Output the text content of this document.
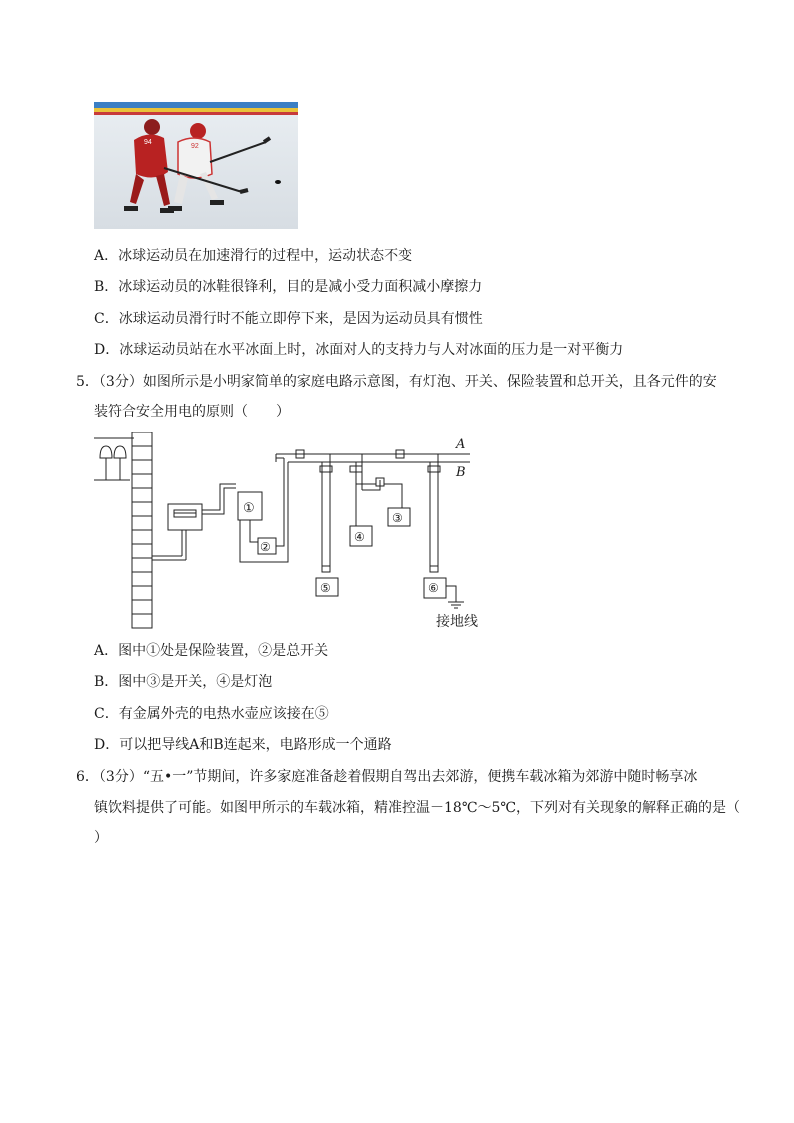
94
92
A．冰球运动员在加速滑行的过程中，运动状态不变
B．冰球运动员的冰鞋很锋利，目的是减小受力面积减小摩擦力
C．冰球运动员滑行时不能立即停下来，是因为运动员具有惯性
D．冰球运动员站在水平冰面上时，冰面对人的支持力与人对冰面的压力是一对平衡力
5．（3分）如图所示是小明家简单的家庭电路示意图，有灯泡、开关、保险装置和总开关，且各元件的安
装符合安全用电的原则（　　）
A
B
①
②
③
④
⑤	⑥
接地线
A．图中①处是保险装置，②是总开关
B．图中③是开关，④是灯泡
C．有金属外壳的电热水壶应该接在⑤
D．可以把导线A和B连起来，电路形成一个通路
6．（3分）“五•一”节期间，许多家庭准备趁着假期自驾出去郊游，便携车载冰箱为郊游中随时畅享冰
镇饮料提供了可能。如图甲所示的车载冰箱，精准控温－18℃～5℃，下列对有关现象的解释正确的是（
）
